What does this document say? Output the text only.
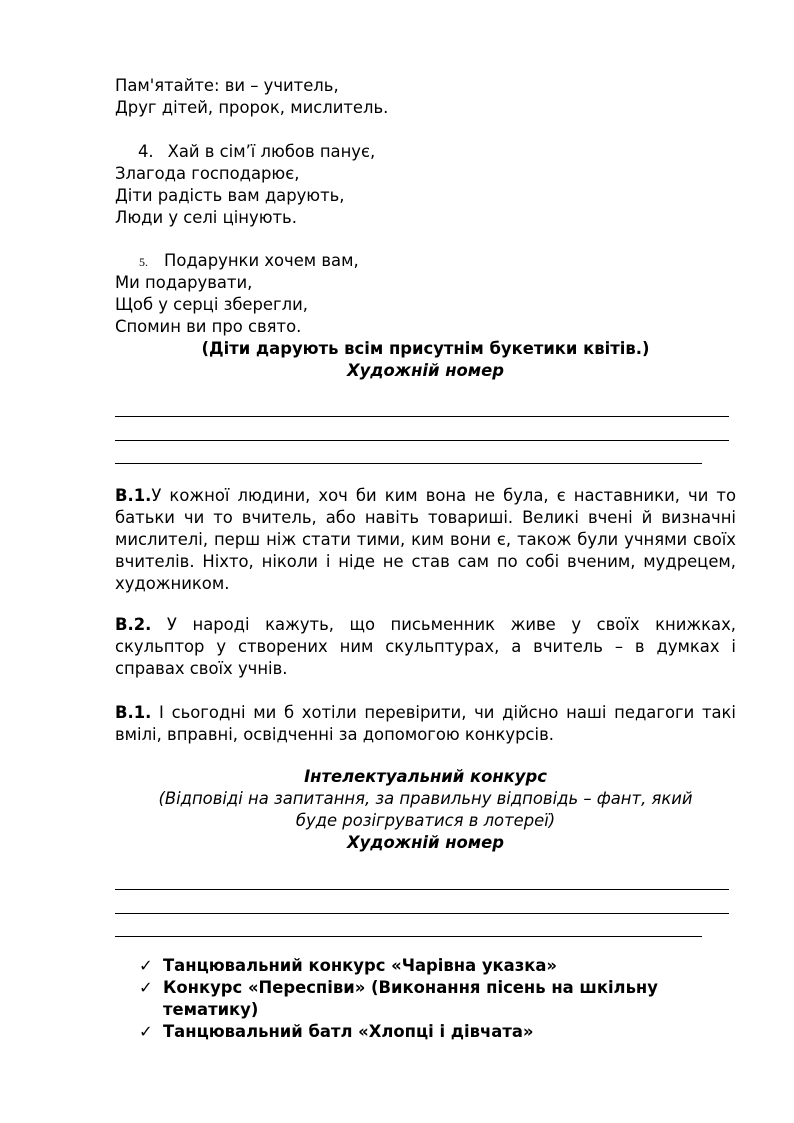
Пам'ятайте: ви – учитель,
Друг дітей, пророк, мислитель.
4. Хай в сім’ї любов панує,
Злагода господарює,
Діти радість вам дарують,
Люди у селі цінують.
5. Подарунки хочем вам,
Ми подарувати,
Щоб у серці зберегли,
Спомин ви про свято.
(Діти дарують всім присутнім букетики квітів.)
Художній номер

В.1.У кожної людини, хоч би ким вона не була, є наставники, чи то батьки чи то вчитель, або навіть товариші. Великі вчені й визначні мислителі, перш ніж стати тими, ким вони є, також були учнями своїх вчителів. Ніхто, ніколи і ніде не став сам по собі вченим, мудрецем, художником.

В.2. У народі кажуть, що письменник живе у своїх книжках, скульптор у створених ним скульптурах, а вчитель – в думках і справах своїх учнів.

В.1. І сьогодні ми б хотіли перевірити, чи дійсно наші педагоги такі вмілі, вправні, освідченні за допомогою конкурсів.

Інтелектуальний конкурс
(Відповіді на запитання, за правильну відповідь – фант, який
буде розігруватися в лотереї)
Художній номер
✓ Танцювальний конкурс «Чарівна указка»
✓ Конкурс «Переспіви» (Виконання пісень на шкільну
тематику)
✓ Танцювальний батл «Хлопці і дівчата»
